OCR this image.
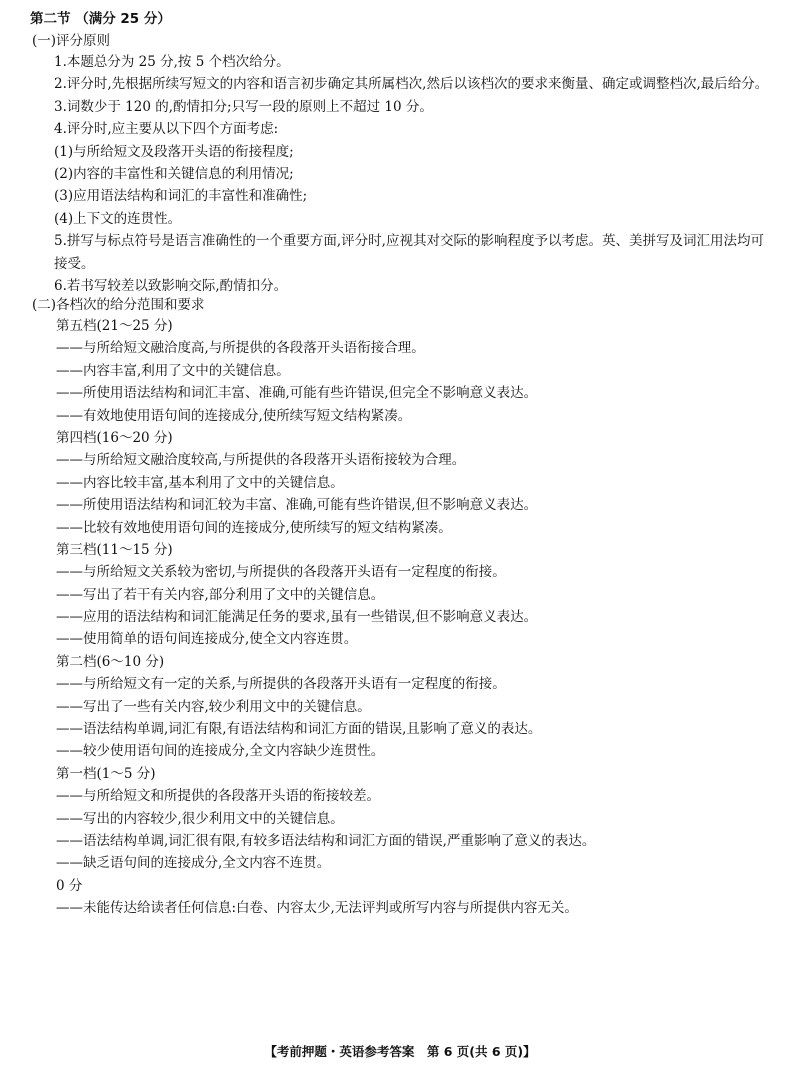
第二节 （满分 25 分）
(一)评分原则
1.本题总分为 25 分,按 5 个档次给分。
2.评分时,先根据所续写短文的内容和语言初步确定其所属档次,然后以该档次的要求来衡量、确定或调整档次,最后给分。
3.词数少于 120 的,酌情扣分;只写一段的原则上不超过 10 分。
4.评分时,应主要从以下四个方面考虑:
(1)与所给短文及段落开头语的衔接程度;
(2)内容的丰富性和关键信息的利用情况;
(3)应用语法结构和词汇的丰富性和准确性;
(4)上下文的连贯性。
5.拼写与标点符号是语言准确性的一个重要方面,评分时,应视其对交际的影响程度予以考虑。英、美拼写及词汇用法均可接受。
6.若书写较差以致影响交际,酌情扣分。
(二)各档次的给分范围和要求
第五档(21～25 分)
——与所给短文融洽度高,与所提供的各段落开头语衔接合理。
——内容丰富,利用了文中的关键信息。
——所使用语法结构和词汇丰富、准确,可能有些许错误,但完全不影响意义表达。
——有效地使用语句间的连接成分,使所续写短文结构紧凑。
第四档(16～20 分)
——与所给短文融洽度较高,与所提供的各段落开头语衔接较为合理。
——内容比较丰富,基本利用了文中的关键信息。
——所使用语法结构和词汇较为丰富、准确,可能有些许错误,但不影响意义表达。
——比较有效地使用语句间的连接成分,使所续写的短文结构紧凑。
第三档(11～15 分)
——与所给短文关系较为密切,与所提供的各段落开头语有一定程度的衔接。
——写出了若干有关内容,部分利用了文中的关键信息。
——应用的语法结构和词汇能满足任务的要求,虽有一些错误,但不影响意义表达。
——使用简单的语句间连接成分,使全文内容连贯。
第二档(6～10 分)
——与所给短文有一定的关系,与所提供的各段落开头语有一定程度的衔接。
——写出了一些有关内容,较少利用文中的关键信息。
——语法结构单调,词汇有限,有语法结构和词汇方面的错误,且影响了意义的表达。
——较少使用语句间的连接成分,全文内容缺少连贯性。
第一档(1～5 分)
——与所给短文和所提供的各段落开头语的衔接较差。
——写出的内容较少,很少利用文中的关键信息。
——语法结构单调,词汇很有限,有较多语法结构和词汇方面的错误,严重影响了意义的表达。
——缺乏语句间的连接成分,全文内容不连贯。
0 分
——未能传达给读者任何信息:白卷、内容太少,无法评判或所写内容与所提供内容无关。
【考前押题・英语参考答案　第 6 页(共 6 页)】
